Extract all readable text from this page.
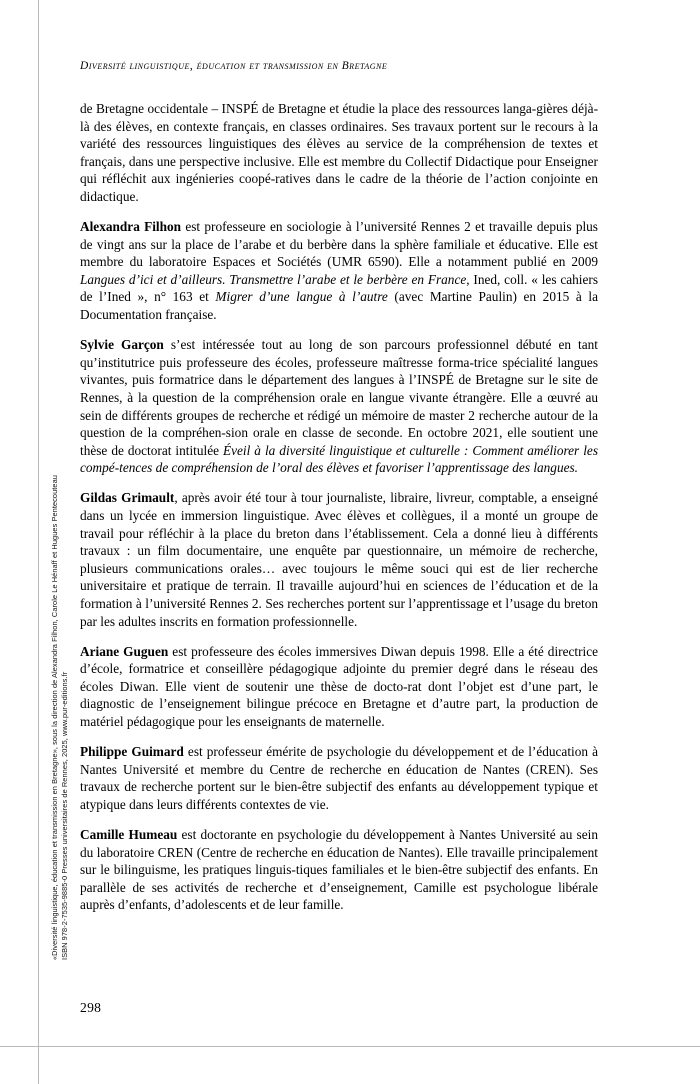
«Diversité linguistique, éducation et transmission en Bretagne», sous la direction de Alexandra Filhon, Carole Le Hénaff et Hugues Pentecouteau ISBN 978-2-7535-9885-0 Presses universitaires de Rennes, 2025, www.pur-editions.fr
Diversité linguistique, éducation et transmission en Bretagne

de Bretagne occidentale – INSPÉ de Bretagne et étudie la place des ressources langa-gières déjà-là des élèves, en contexte français, en classes ordinaires. Ses travaux portent sur le recours à la variété des ressources linguistiques des élèves au service de la compréhension de textes et français, dans une perspective inclusive. Elle est membre du Collectif Didactique pour Enseigner qui réfléchit aux ingénieries coopé-ratives dans le cadre de la théorie de l’action conjointe en didactique.

Alexandra Filhon est professeure en sociologie à l’université Rennes 2 et travaille depuis plus de vingt ans sur la place de l’arabe et du berbère dans la sphère familiale et éducative. Elle est membre du laboratoire Espaces et Sociétés (UMR 6590). Elle a notamment publié en 2009 Langues d’ici et d’ailleurs. Transmettre l’arabe et le berbère en France, Ined, coll. « les cahiers de l’Ined », n° 163 et Migrer d’une langue à l’autre (avec Martine Paulin) en 2015 à la Documentation française.

Sylvie Garçon s’est intéressée tout au long de son parcours professionnel débuté en tant qu’institutrice puis professeure des écoles, professeure maîtresse forma-trice spécialité langues vivantes, puis formatrice dans le département des langues à l’INSPÉ de Bretagne sur le site de Rennes, à la question de la compréhension orale en langue vivante étrangère. Elle a œuvré au sein de différents groupes de recherche et rédigé un mémoire de master 2 recherche autour de la question de la compréhen-sion orale en classe de seconde. En octobre 2021, elle soutient une thèse de doctorat intitulée Éveil à la diversité linguistique et culturelle : Comment améliorer les compé-tences de compréhension de l’oral des élèves et favoriser l’apprentissage des langues.

Gildas Grimault, après avoir été tour à tour journaliste, libraire, livreur, comptable, a enseigné dans un lycée en immersion linguistique. Avec élèves et collègues, il a monté un groupe de travail pour réfléchir à la place du breton dans l’établissement. Cela a donné lieu à différents travaux : un film documentaire, une enquête par questionnaire, un mémoire de recherche, plusieurs communications orales… avec toujours le même souci qui est de lier recherche universitaire et pratique de terrain. Il travaille aujourd’hui en sciences de l’éducation et de la formation à l’université Rennes 2. Ses recherches portent sur l’apprentissage et l’usage du breton par les adultes inscrits en formation professionnelle.

Ariane Guguen est professeure des écoles immersives Diwan depuis 1998. Elle a été directrice d’école, formatrice et conseillère pédagogique adjointe du premier degré dans le réseau des écoles Diwan. Elle vient de soutenir une thèse de docto-rat dont l’objet est d’une part, le diagnostic de l’enseignement bilingue précoce en Bretagne et d’autre part, la production de matériel pédagogique pour les enseignants de maternelle.

Philippe Guimard est professeur émérite de psychologie du développement et de l’éducation à Nantes Université et membre du Centre de recherche en éducation de Nantes (CREN). Ses travaux de recherche portent sur le bien-être subjectif des enfants au développement typique et atypique dans leurs différents contextes de vie.

Camille Humeau est doctorante en psychologie du développement à Nantes Université au sein du laboratoire CREN (Centre de recherche en éducation de Nantes). Elle travaille principalement sur le bilinguisme, les pratiques linguis-tiques familiales et le bien-être subjectif des enfants. En parallèle de ses activités de recherche et d’enseignement, Camille est psychologue libérale auprès d’enfants, d’adolescents et de leur famille.

298
